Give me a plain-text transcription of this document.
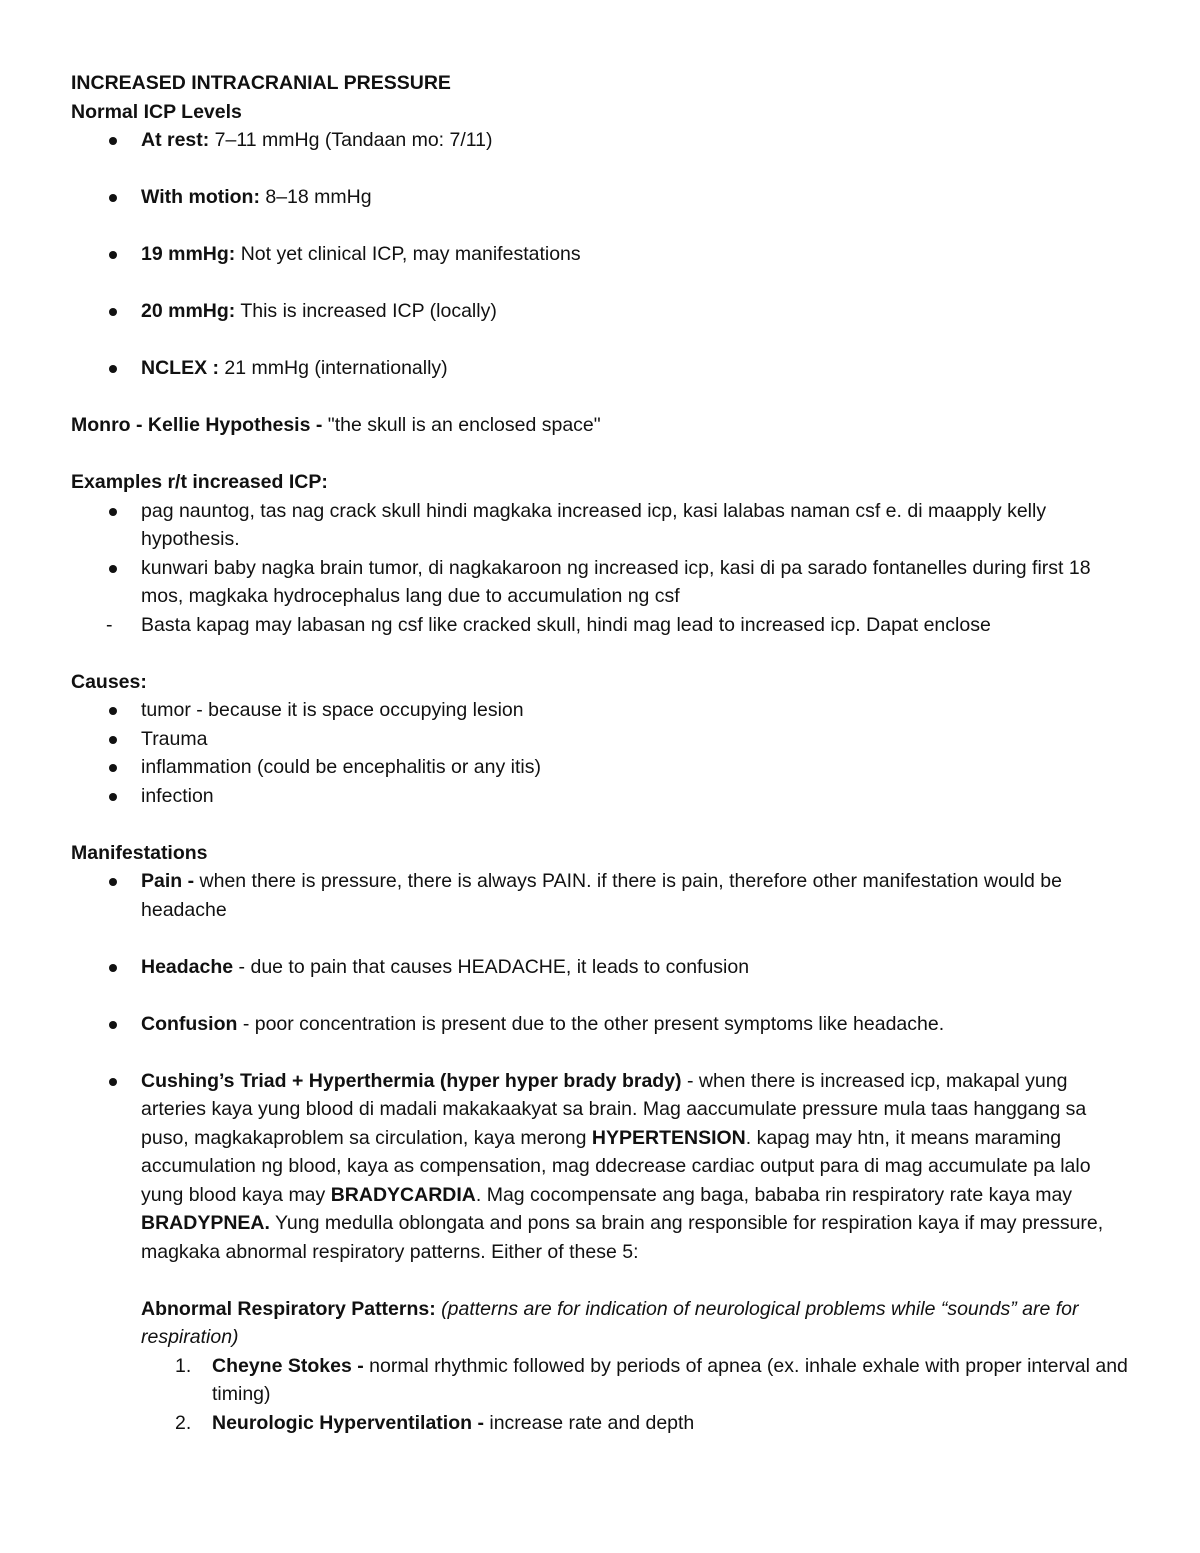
INCREASED INTRACRANIAL PRESSURE
Normal ICP Levels
At rest: 7–11 mmHg (Tandaan mo: 7/11)
With motion: 8–18 mmHg
19 mmHg: Not yet clinical ICP, may manifestations
20 mmHg: This is increased ICP (locally)
NCLEX : 21 mmHg (internationally)
Monro - Kellie Hypothesis - "the skull is an enclosed space"
Examples r/t increased ICP:
pag nauntog, tas nag crack skull hindi magkaka increased icp, kasi lalabas naman csf e. di maapply kelly hypothesis.
kunwari baby nagka brain tumor, di nagkakaroon ng increased icp, kasi di pa sarado fontanelles during first 18 mos, magkaka hydrocephalus lang due to accumulation ng csf
- Basta kapag may labasan ng csf like cracked skull, hindi mag lead to increased icp. Dapat enclose
Causes:
tumor - because it is space occupying lesion
Trauma
inflammation (could be encephalitis or any itis)
infection
Manifestations
Pain - when there is pressure, there is always PAIN. if there is pain, therefore other manifestation would be headache
Headache - due to pain that causes HEADACHE, it leads to confusion
Confusion - poor concentration is present due to the other present symptoms like headache.
Cushing’s Triad + Hyperthermia (hyper hyper brady brady) - when there is increased icp, makapal yung arteries kaya yung blood di madali makakaakyat sa brain. Mag aaccumulate pressure mula taas hanggang sa puso, magkakaproblem sa circulation, kaya merong HYPERTENSION. kapag may htn, it means maraming accumulation ng blood, kaya as compensation, mag ddecrease cardiac output para di mag accumulate pa lalo yung blood kaya may BRADYCARDIA. Mag cocompensate ang baga, bababa rin respiratory rate kaya may BRADYPNEA. Yung medulla oblongata and pons sa brain ang responsible for respiration kaya if may pressure, magkaka abnormal respiratory patterns. Either of these 5:
Abnormal Respiratory Patterns: (patterns are for indication of neurological problems while “sounds” are for respiration)
1. Cheyne Stokes - normal rhythmic followed by periods of apnea (ex. inhale exhale with proper interval and timing)
2. Neurologic Hyperventilation - increase rate and depth
